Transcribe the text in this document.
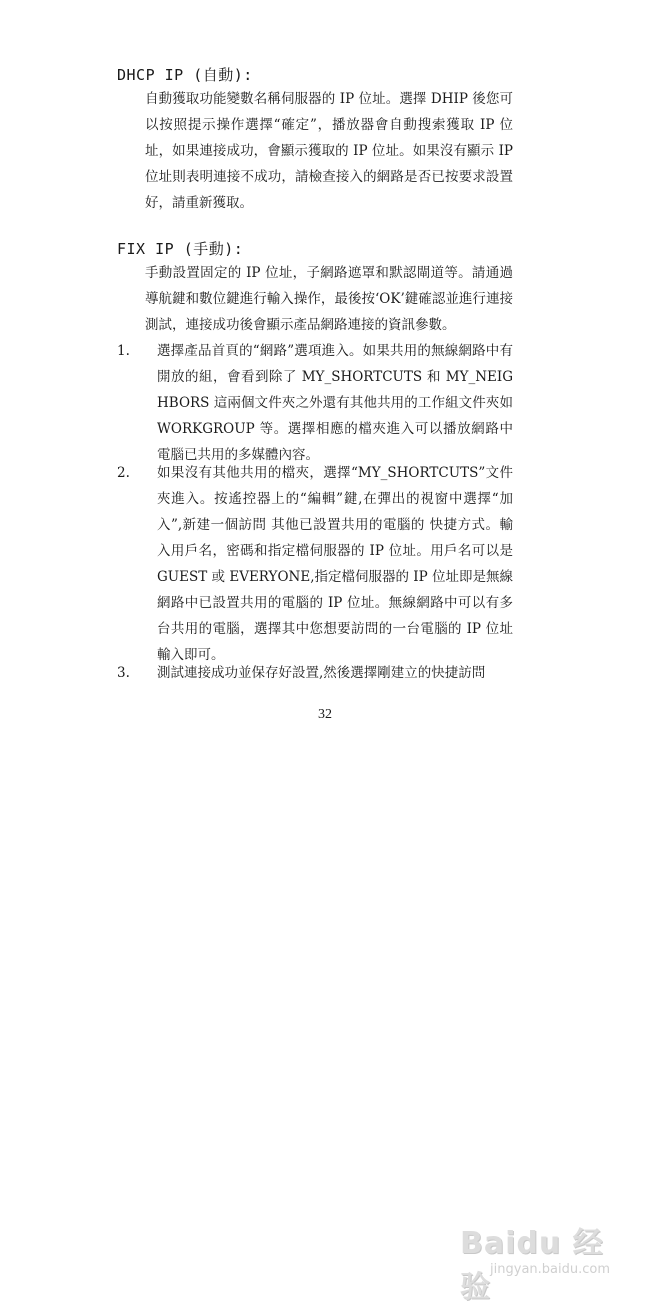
DHCP IP (自動):
自動獲取功能變數名稱伺服器的 IP 位址。選擇 DHIP 後您可以按照提示操作選擇“確定”，播放器會自動搜索獲取 IP 位址，如果連接成功，會顯示獲取的 IP 位址。如果沒有顯示 IP 位址則表明連接不成功，請檢查接入的網路是否已按要求設置好，請重新獲取。
FIX IP (手動):
手動設置固定的 IP 位址，子網路遮罩和默認閘道等。請通過導航鍵和數位鍵進行輸入操作，最後按‘OK’鍵確認並進行連接測試，連接成功後會顯示產品網路連接的資訊參數。
1.	選擇產品首頁的“網路”選項進入。如果共用的無線網路中有開放的組，會看到除了 MY_SHORTCUTS 和 MY_NEIGHBORS 這兩個文件夾之外還有其他共用的工作組文件夾如 WORKGROUP 等。選擇相應的檔夾進入可以播放網路中電腦已共用的多媒體內容。
2.	如果沒有其他共用的檔夾，選擇“MY_SHORTCUTS”文件夾進入。按遙控器上的“編輯”鍵,在彈出的視窗中選擇“加入”,新建一個訪問 其他已設置共用的電腦的 快捷方式。輸入用戶名，密碼和指定檔伺服器的 IP 位址。用戶名可以是 GUEST 或 EVERYONE,指定檔伺服器的 IP 位址即是無線網路中已設置共用的電腦的 IP 位址。無線網路中可以有多台共用的電腦，選擇其中您想要訪問的一台電腦的 IP 位址輸入即可。
3.	測試連接成功並保存好設置,然後選擇剛建立的快捷訪問
32
Baidu 经验
jingyan.baidu.com
